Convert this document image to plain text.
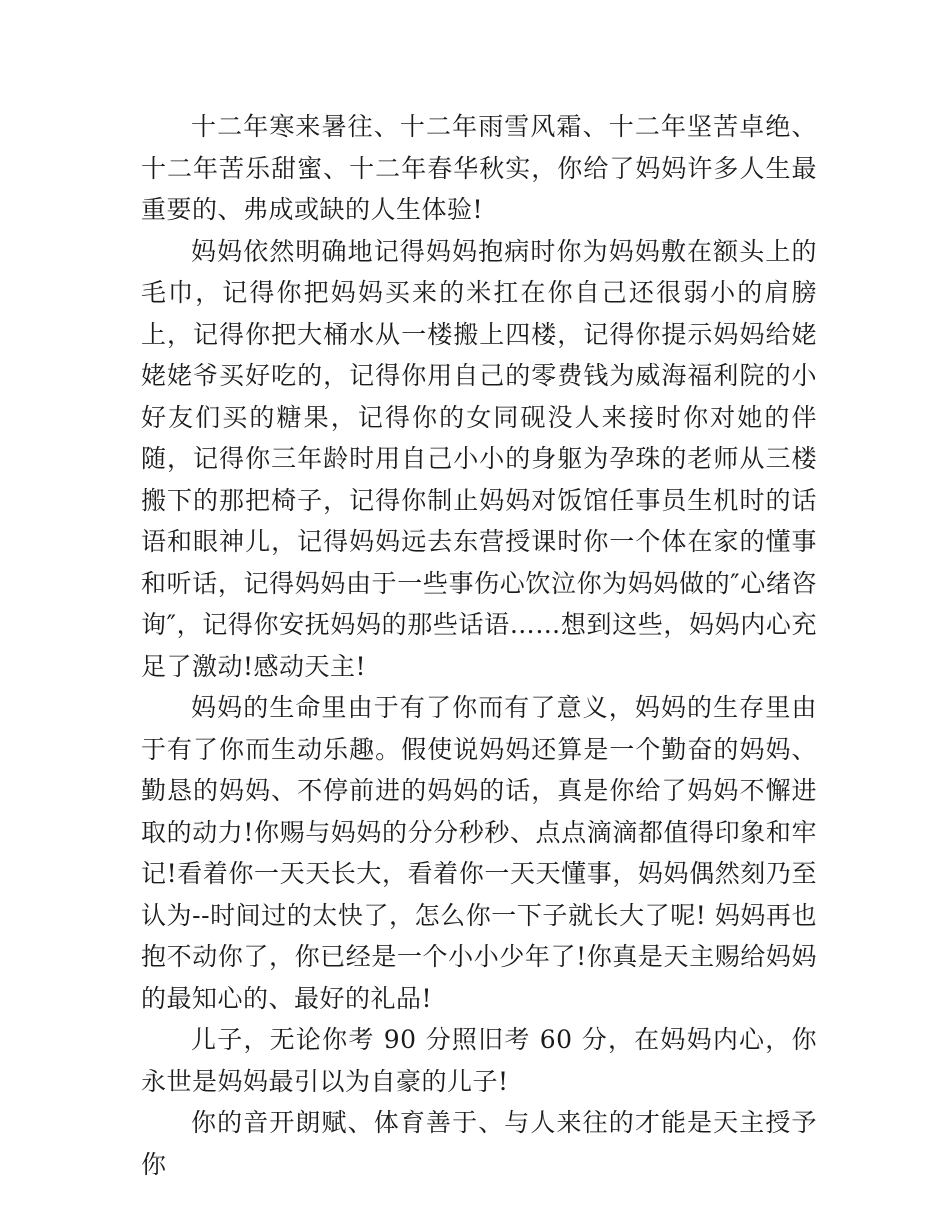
十二年寒来暑往、十二年雨雪风霜、十二年坚苦卓绝、十二年苦乐甜蜜、十二年春华秋实，你给了妈妈许多人生最重要的、弗成或缺的人生体验!

妈妈依然明确地记得妈妈抱病时你为妈妈敷在额头上的毛巾，记得你把妈妈买来的米扛在你自己还很弱小的肩膀上，记得你把大桶水从一楼搬上四楼，记得你提示妈妈给姥姥姥爷买好吃的，记得你用自己的零费钱为威海福利院的小好友们买的糖果，记得你的女同砚没人来接时你对她的伴随，记得你三年龄时用自己小小的身躯为孕珠的老师从三楼搬下的那把椅子，记得你制止妈妈对饭馆任事员生机时的话语和眼神儿，记得妈妈远去东营授课时你一个体在家的懂事和听话，记得妈妈由于一些事伤心饮泣你为妈妈做的″心绪咨询″，记得你安抚妈妈的那些话语……想到这些，妈妈内心充足了激动!感动天主!

妈妈的生命里由于有了你而有了意义，妈妈的生存里由于有了你而生动乐趣。假使说妈妈还算是一个勤奋的妈妈、勤恳的妈妈、不停前进的妈妈的话，真是你给了妈妈不懈进取的动力!你赐与妈妈的分分秒秒、点点滴滴都值得印象和牢记!看着你一天天长大，看着你一天天懂事，妈妈偶然刻乃至认为--时间过的太快了，怎么你一下子就长大了呢! 妈妈再也抱不动你了，你已经是一个小小少年了!你真是天主赐给妈妈的最知心的、最好的礼品!

儿子，无论你考 90 分照旧考 60 分，在妈妈内心，你永世是妈妈最引以为自豪的儿子!

你的音开朗赋、体育善于、与人来往的才能是天主授予你
